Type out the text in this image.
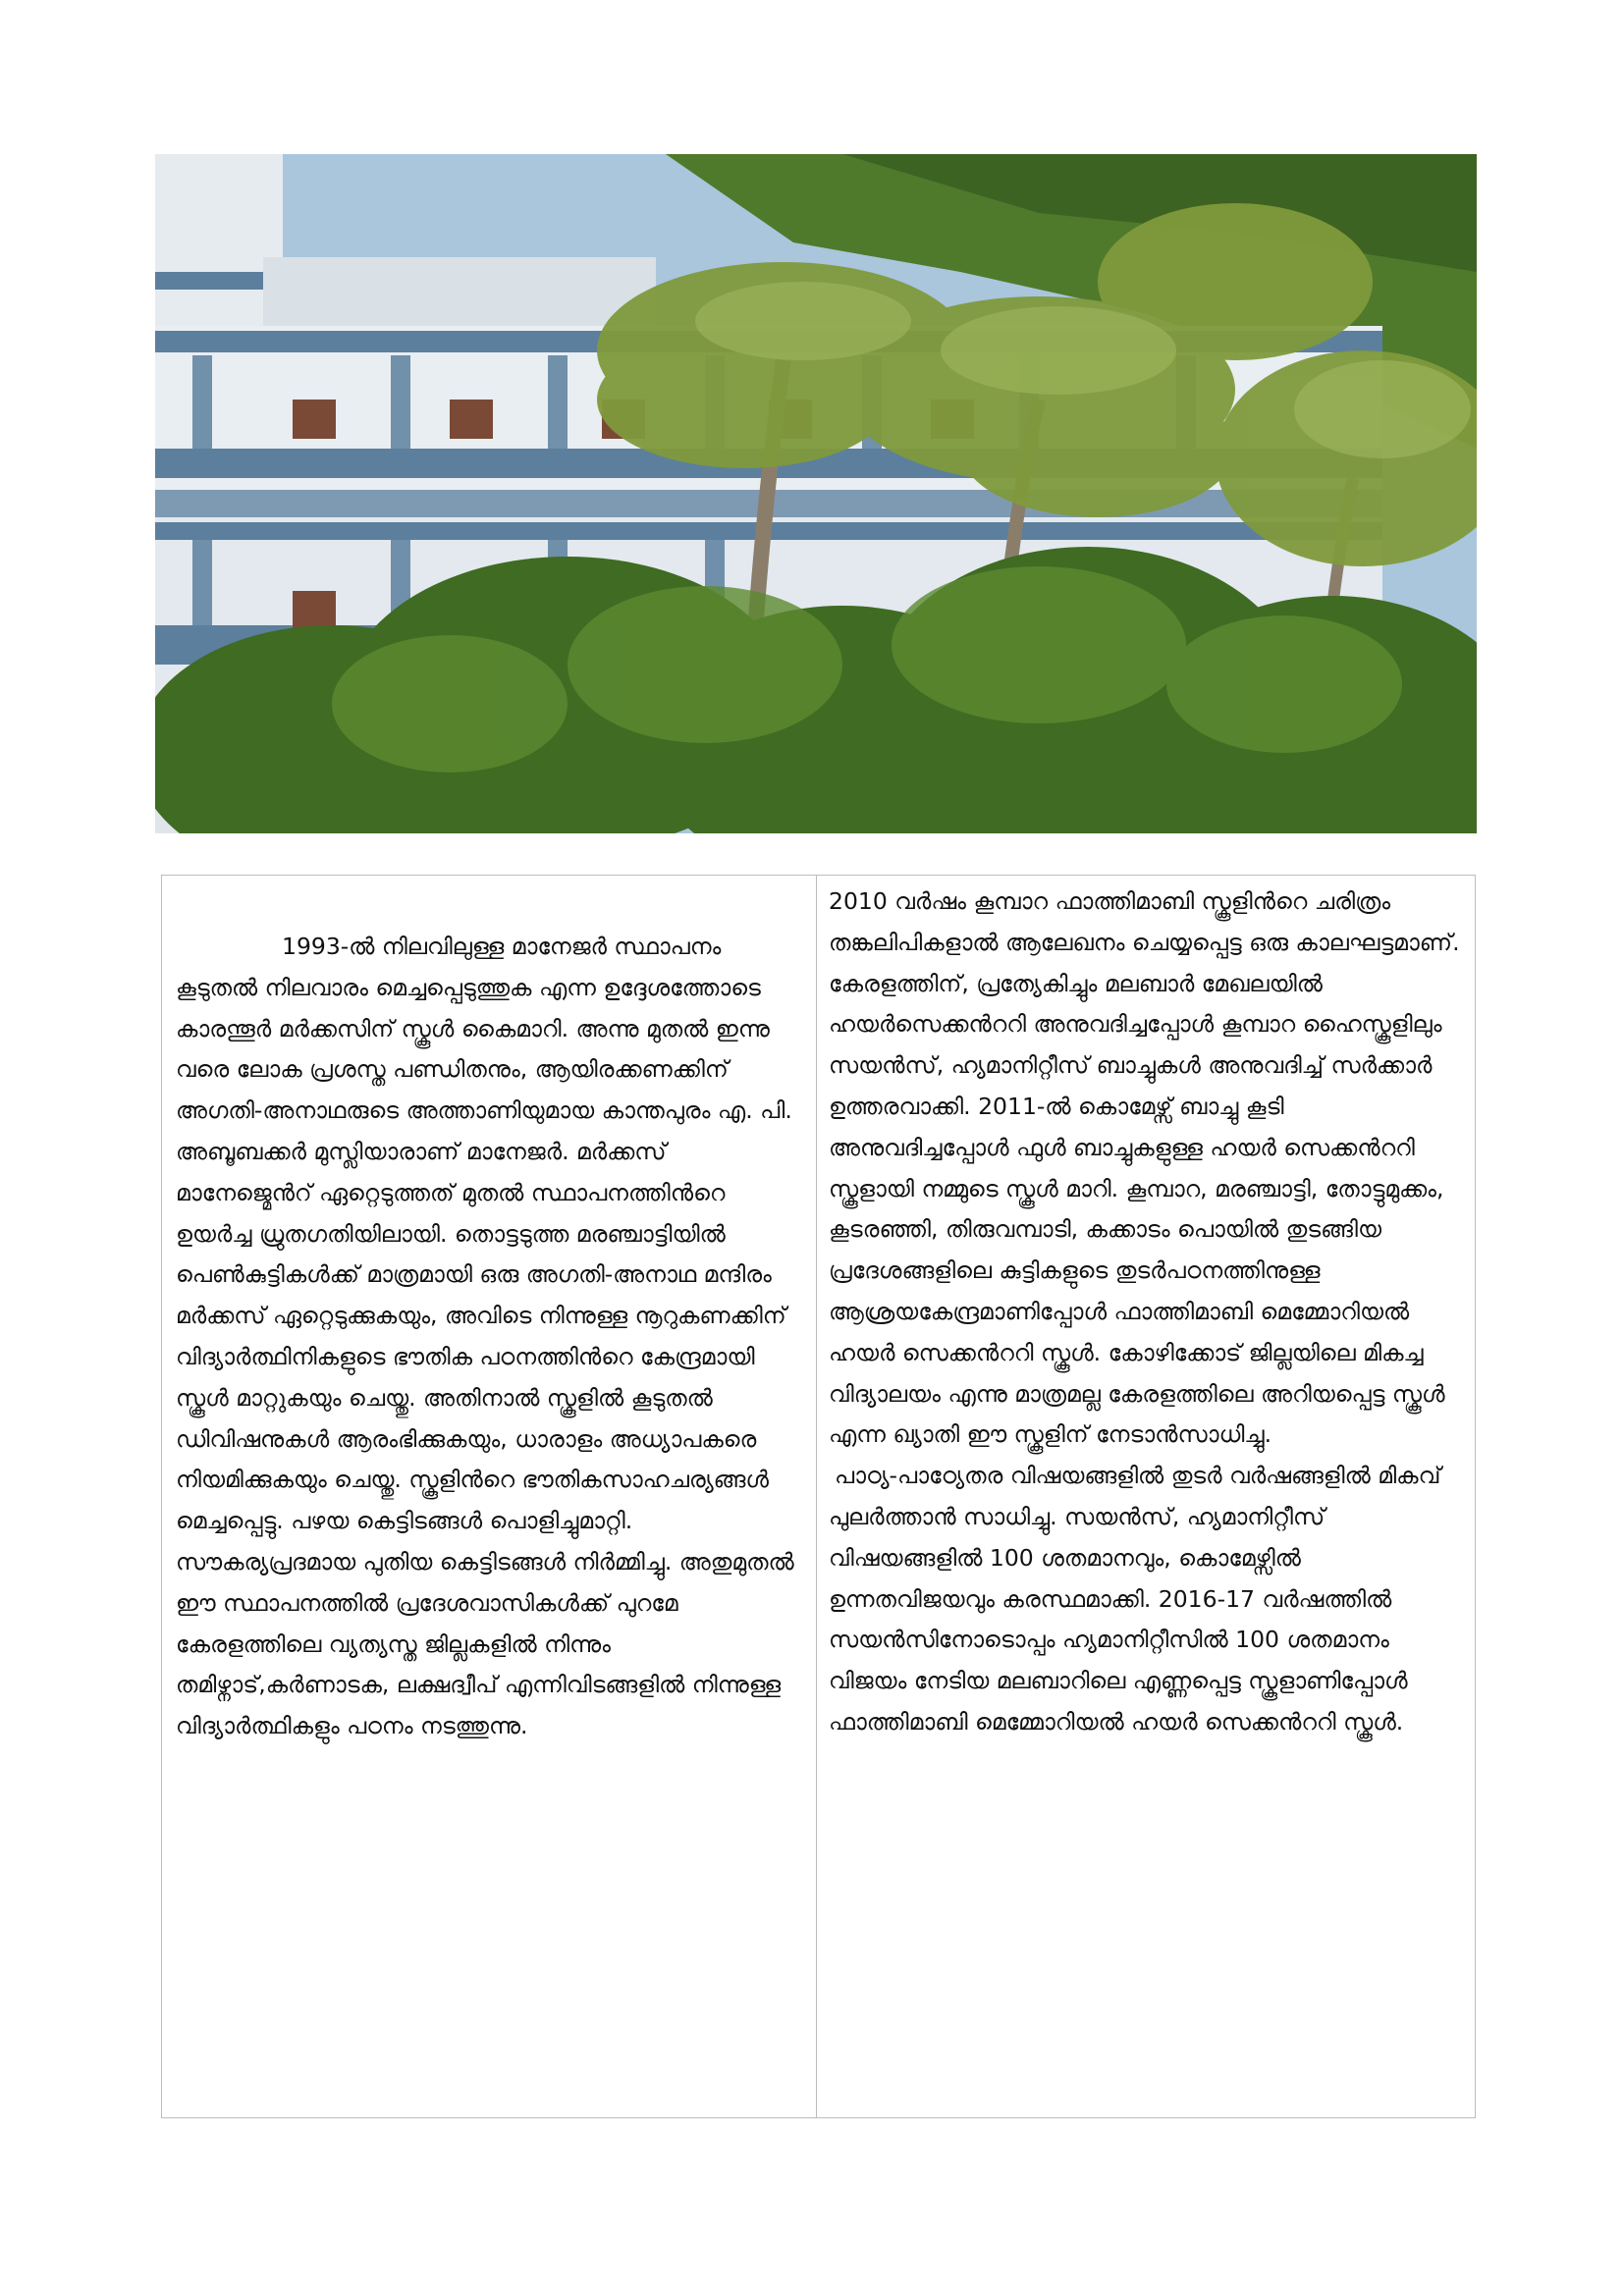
1993-ൽ നിലവിലുള്ള മാനേജർ സ്ഥാപനം കൂടുതൽ നിലവാരം മെച്ചപ്പെടുത്തുക എന്ന ഉദ്ദേശത്തോടെ കാരന്തൂർ മർക്കസിന് സ്കൂൾ കൈമാറി. അന്നു മുതൽ ഇന്നു വരെ ലോക പ്രശസ്ത പണ്ഡിതനും, ആയിരക്കണക്കിന് അഗതി-അനാഥരുടെ അത്താണിയുമായ കാന്തപുരം എ. പി. അബൂബക്കർ മുസ്ലിയാരാണ് മാനേജർ. മർക്കസ് മാനേജ്മെൻറ് ഏറ്റെടുത്തത് മുതൽ സ്ഥാപനത്തിൻറെ ഉയർച്ച ധ്രുതഗതിയിലായി. തൊട്ടടുത്ത മരഞ്ചാട്ടിയിൽ പെൺകുട്ടികൾക്ക് മാത്രമായി ഒരു അഗതി-അനാഥ മന്ദിരം മർക്കസ് ഏറ്റെടുക്കുകയും, അവിടെ നിന്നുള്ള നൂറുകണക്കിന് വിദ്യാർത്ഥിനികളുടെ ഭൗതിക പഠനത്തിൻറെ കേന്ദ്രമായി സ്കൂൾ മാറ്റുകയും ചെയ്തു. അതിനാൽ സ്കൂളിൽ കൂടുതൽ ഡിവിഷനുകൾ ആരംഭിക്കുകയും, ധാരാളം അധ്യാപകരെ നിയമിക്കുകയും ചെയ്തു. സ്കൂളിൻറെ ഭൗതികസാഹചര്യങ്ങൾ മെച്ചപ്പെട്ടു. പഴയ കെട്ടിടങ്ങൾ പൊളിച്ചുമാറ്റി. സൗകര്യപ്രദമായ പുതിയ കെട്ടിടങ്ങൾ നിർമ്മിച്ചു. അതുമുതൽ ഈ സ്ഥാപനത്തിൽ പ്രദേശവാസികൾക്ക് പുറമേ കേരളത്തിലെ വ്യത്യസ്ത ജില്ലകളിൽ നിന്നും തമിഴ്നാട്,കർണാടക, ലക്ഷദ്വീപ് എന്നിവിടങ്ങളിൽ നിന്നുള്ള വിദ്യാർത്ഥികളും പഠനം നടത്തുന്നു.

2010 വർഷം കൂമ്പാറ ഫാത്തിമാബി സ്കൂളിൻറെ ചരിത്രം തങ്കലിപികളാൽ ആലേഖനം ചെയ്യപ്പെട്ട ഒരു കാലഘട്ടമാണ്. കേരളത്തിന്, പ്രത്യേകിച്ചും മലബാർ മേഖലയിൽ ഹയർസെക്കൻററി അനുവദിച്ചപ്പോൾ കൂമ്പാറ ഹൈസ്കൂളിലും സയൻസ്, ഹ്യമാനിറ്റീസ് ബാച്ചുകൾ അനുവദിച്ച് സർക്കാർ ഉത്തരവാക്കി. 2011-ൽ കൊമേഴ്സ് ബാച്ചു കൂടി അനുവദിച്ചപ്പോൾ ഫുൾ ബാച്ചുകളുള്ള ഹയർ സെക്കൻററി സ്കൂളായി നമ്മുടെ സ്കൂൾ മാറി. കൂമ്പാറ, മരഞ്ചാട്ടി, തോട്ടുമുക്കം, കൂടരഞ്ഞി, തിരുവമ്പാടി, കക്കാടം പൊയിൽ തുടങ്ങിയ പ്രദേശങ്ങളിലെ കുട്ടികളുടെ തുടർപഠനത്തിനുള്ള ആശ്രയകേന്ദ്രമാണിപ്പോൾ ഫാത്തിമാബി മെമ്മോറിയൽ ഹയർ സെക്കൻററി സ്കൂൾ. കോഴിക്കോട് ജില്ലയിലെ മികച്ച വിദ്യാലയം എന്നു മാത്രമല്ല കേരളത്തിലെ അറിയപ്പെട്ട സ്കൂൾ എന്ന ഖ്യാതി ഈ സ്കൂളിന് നേടാൻസാധിച്ചു.

പാഠ്യ-പാഠ്യേതര വിഷയങ്ങളിൽ തുടർ വർഷങ്ങളിൽ മികവ് പുലർത്താൻ സാധിച്ചു. സയൻസ്, ഹ്യമാനിറ്റീസ് വിഷയങ്ങളിൽ 100 ശതമാനവും, കൊമേഴ്സിൽ ഉന്നതവിജയവും കരസ്ഥമാക്കി. 2016-17 വർഷത്തിൽ സയൻസിനോടൊപ്പം ഹ്യമാനിറ്റീസിൽ 100 ശതമാനം വിജയം നേടിയ മലബാറിലെ എണ്ണപ്പെട്ട സ്കൂളാണിപ്പോൾ ഫാത്തിമാബി മെമ്മോറിയൽ ഹയർ സെക്കൻററി സ്കൂൾ.
